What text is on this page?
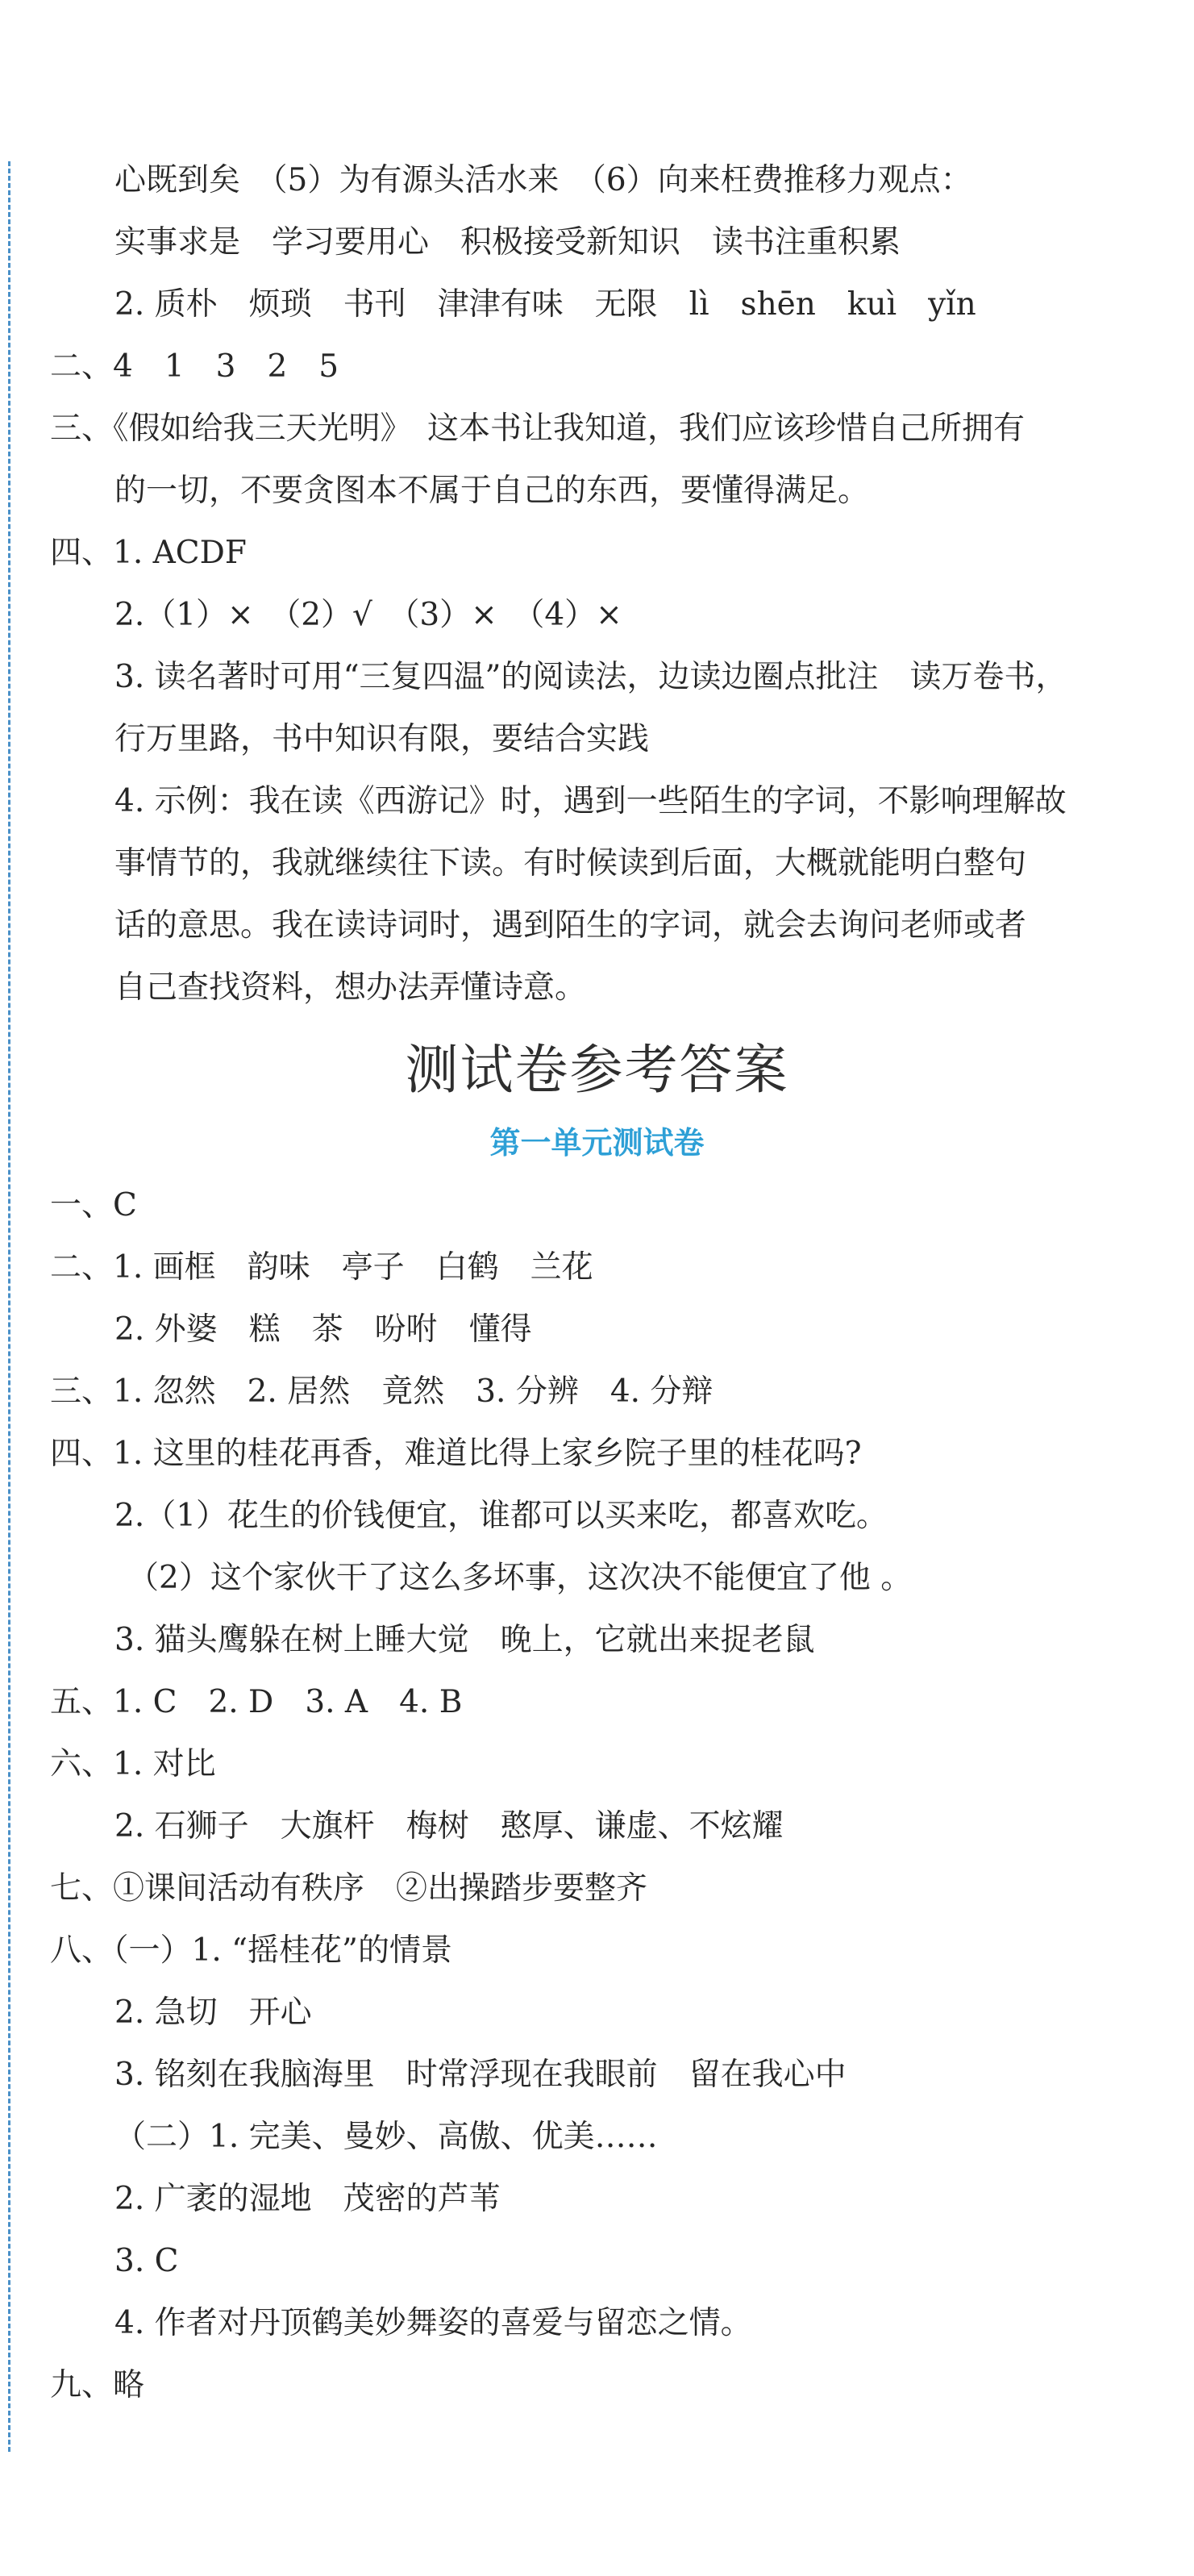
心既到矣　（5）为有源头活水来　（6）向来枉费推移力观点：
实事求是　学习要用心　积极接受新知识　读书注重积累
2. 质朴　烦琐　书刊　津津有味　无限　lì　shēn　kuì　yǐn
二、4　1　3　2　5
三、《假如给我三天光明》　这本书让我知道，我们应该珍惜自己所拥有
的一切，不要贪图本不属于自己的东西，要懂得满足。
四、1. ACDF
2.（1）×　（2）√　（3）×　（4）×
3. 读名著时可用“三复四温”的阅读法，边读边圈点批注　读万卷书，
行万里路，书中知识有限，要结合实践
4. 示例：我在读《西游记》时，遇到一些陌生的字词，不影响理解故
事情节的，我就继续往下读。有时候读到后面，大概就能明白整句
话的意思。我在读诗词时，遇到陌生的字词，就会去询问老师或者
自己查找资料，想办法弄懂诗意。
测试卷参考答案
第一单元测试卷
一、C
二、1. 画框　韵味　亭子　白鹤　兰花
2. 外婆　糕　茶　吩咐　懂得
三、1. 忽然　2. 居然　竟然　3. 分辨　4. 分辩
四、1. 这里的桂花再香，难道比得上家乡院子里的桂花吗?
2.（1）花生的价钱便宜，谁都可以买来吃，都喜欢吃。
（2）这个家伙干了这么多坏事，这次决不能便宜了他 。
3. 猫头鹰躲在树上睡大觉　晚上，它就出来捉老鼠
五、1. C　2. D　3. A　4. B
六、1. 对比
2. 石狮子　大旗杆　梅树　憨厚、谦虚、不炫耀
七、①课间活动有秩序　②出操踏步要整齐
八、（一）1. “摇桂花”的情景
2. 急切　开心
3. 铭刻在我脑海里　时常浮现在我眼前　留在我心中
（二）1. 完美、曼妙、高傲、优美……
2. 广袤的湿地　茂密的芦苇
3. C
4. 作者对丹顶鹤美妙舞姿的喜爱与留恋之情。
九、略
